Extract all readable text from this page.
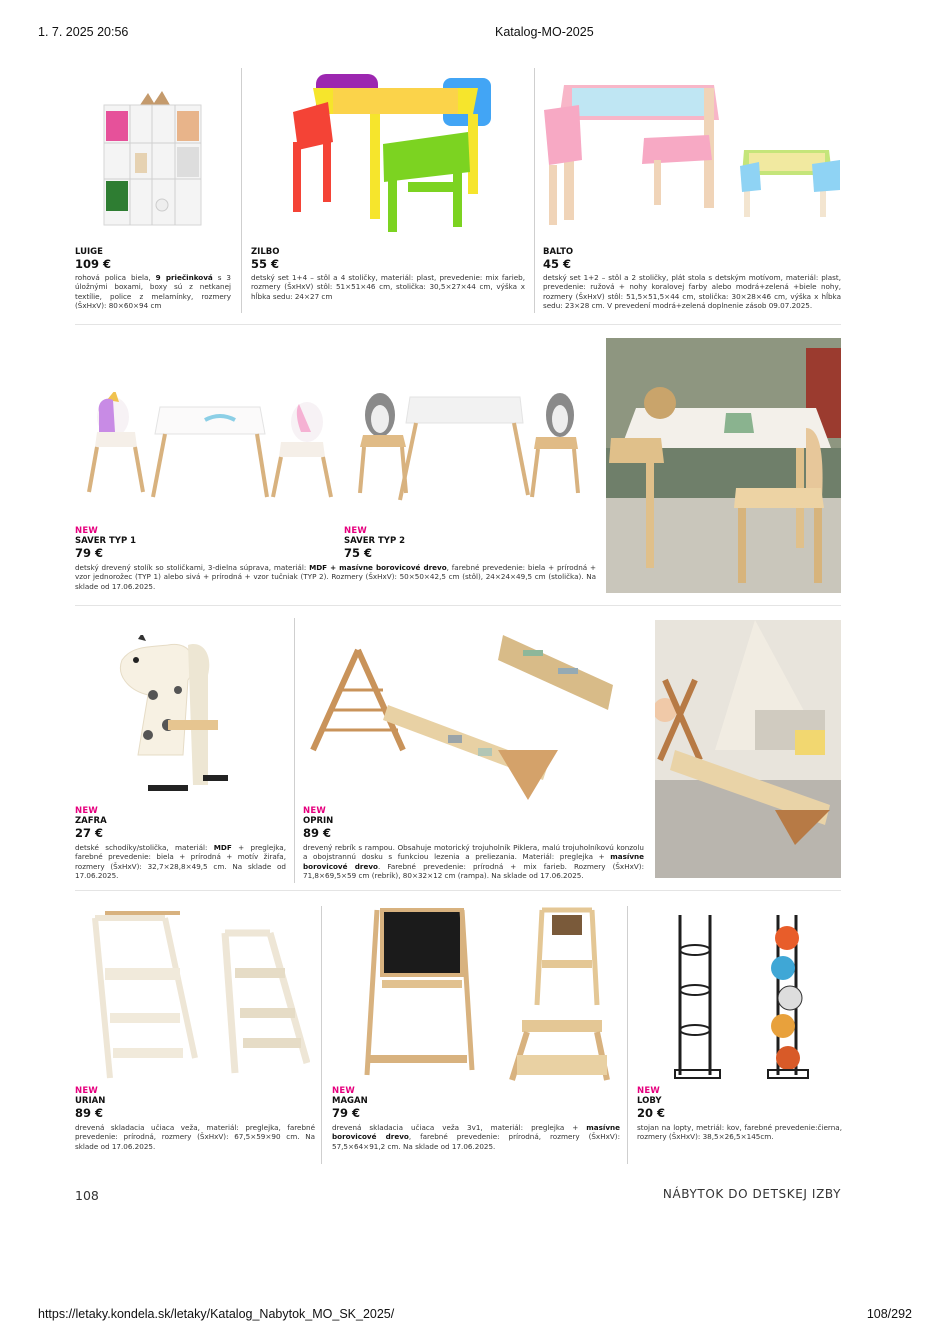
1. 7. 2025 20:56	Katalog-MO-2025
LUIGE
109 €
rohová polica biela, 9 priečinková s 3 úložnými boxami, boxy sú z netkanej textílie, police z melamínky, rozmery (ŠxHxV): 80×60×94 cm
ZILBO
55 €
detský set 1+4 – stôl a 4 stoličky, materiál: plast, prevedenie: mix farieb, rozmery (ŠxHxV) stôl: 51×51×46 cm, stolička: 30,5×27×44 cm, výška x hĺbka sedu: 24×27 cm
BALTO
45 €
detský set 1+2 – stôl a 2 stoličky, plát stola s detským motívom, materiál: plast, prevedenie: ružová + nohy koralovej farby alebo modrá+zelená +biele nohy, rozmery (ŠxHxV) stôl: 51,5×51,5×44 cm, stolička: 30×28×46 cm, výška x hĺbka sedu: 23×28 cm. V prevedení modrá+zelená doplnenie zásob 09.07.2025.
NEW
SAVER TYP 1
79 €
NEW
SAVER TYP 2
75 €
detský drevený stolík so stoličkami, 3-dielna súprava, materiál: MDF + masívne borovicové drevo, farebné prevedenie: biela + prírodná + vzor jednorožec (TYP 1) alebo sivá + prírodná + vzor tučniak (TYP 2). Rozmery (ŠxHxV): 50×50×42,5 cm (stôl), 24×24×49,5 cm (stolička). Na sklade od 17.06.2025.
NEW
ZAFRA
27 €
detské schodíky/stolička, materiál: MDF + preglejka, farebné prevedenie: biela + prírodná + motív žirafa, rozmery (ŠxHxV): 32,7×28,8×49,5 cm. Na sklade od 17.06.2025.
NEW
OPRIN
89 €
drevený rebrík s rampou. Obsahuje motorický trojuholník Piklera, malú trojuholníkovú konzolu a obojstrannú dosku s funkciou lezenia a preliezania. Materiál: preglejka + masívne borovicové drevo. Farebné prevedenie: prírodná + mix farieb. Rozmery (ŠxHxV): 71,8×69,5×59 cm (rebrík), 80×32×12 cm (rampa). Na sklade od 17.06.2025.
NEW
URIAN
89 €
drevená skladacia učiaca veža, materiál: preglejka, farebné prevedenie: prírodná, rozmery (ŠxHxV): 67,5×59×90 cm. Na sklade od 17.06.2025.
NEW
MAGAN
79 €
drevená skladacia učiaca veža 3v1, materiál: preglejka + masívne borovicové drevo, farebné prevedenie: prírodná, rozmery (ŠxHxV): 57,5×64×91,2 cm. Na sklade od 17.06.2025.
NEW
LOBY
20 €
stojan na lopty, metriál: kov, farebné prevedenie:čierna, rozmery (ŠxHxV): 38,5×26,5×145cm.
108	NÁBYTOK DO DETSKEJ IZBY
https://letaky.kondela.sk/letaky/Katalog_Nabytok_MO_SK_2025/	108/292
